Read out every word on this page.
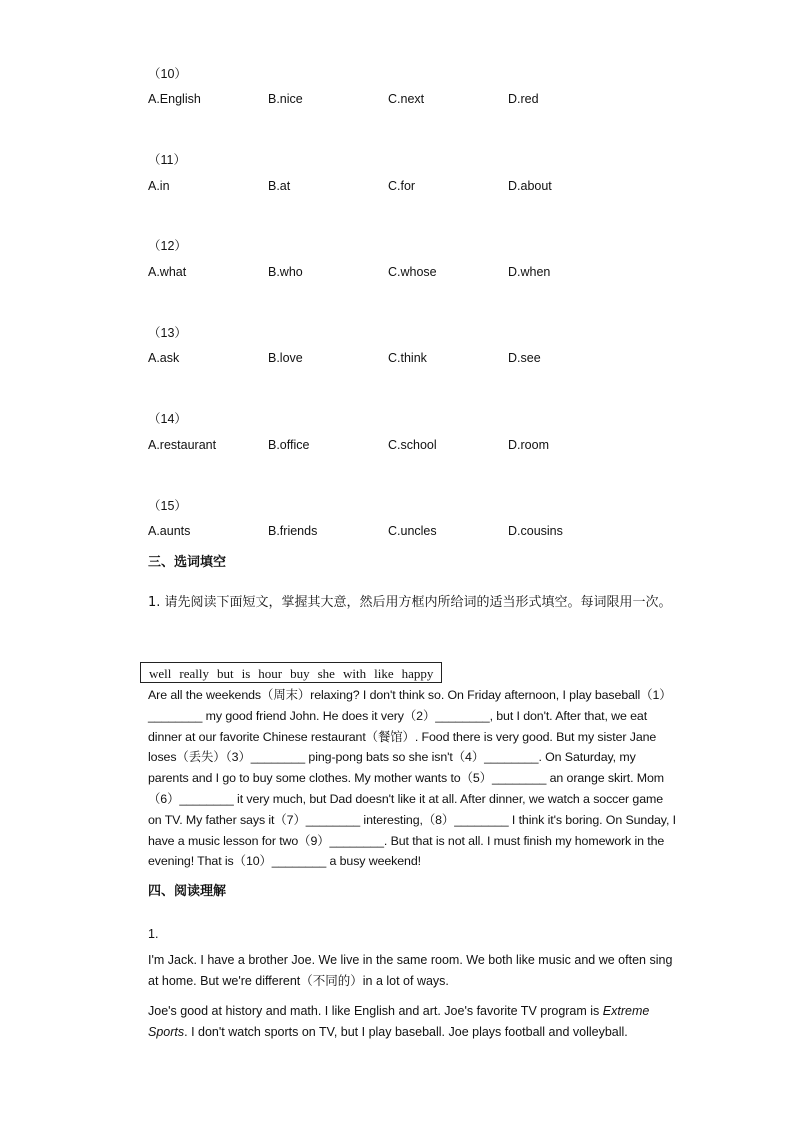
（10）
A.English	B.nice	C.next	D.red
（11）
A.in	B.at	C.for	D.about
（12）
A.what	B.who	C.whose	D.when
（13）
A.ask	B.love	C.think	D.see
（14）
A.restaurant	B.office	C.school	D.room
（15）
A.aunts	B.friends	C.uncles	D.cousins
三、选词填空
1. 请先阅读下面短文，掌握其大意，然后用方框内所给词的适当形式填空。每词限用一次。
well really but is hour buy she with like happy
Are all the weekends（周末）relaxing? I don't think so. On Friday afternoon, I play baseball（1）________ my good friend John. He does it very（2）________, but I don't. After that, we eat dinner at our favorite Chinese restaurant（餐馆）. Food there is very good. But my sister Jane loses（丢失）（3）________ ping-pong bats so she isn't（4）________. On Saturday, my parents and I go to buy some clothes. My mother wants to（5）________ an orange skirt. Mom（6）________ it very much, but Dad doesn't like it at all. After dinner, we watch a soccer game on TV. My father says it（7）________ interesting,（8）________ I think it's boring. On Sunday, I have a music lesson for two（9）________. But that is not all. I must finish my homework in the evening! That is（10）________ a busy weekend!
四、阅读理解
1.

I'm Jack. I have a brother Joe. We live in the same room. We both like music and we often sing at home. But we're different（不同的）in a lot of ways.

Joe's good at history and math. I like English and art. Joe's favorite TV program is Extreme Sports. I don't watch sports on TV, but I play baseball. Joe plays football and volleyball.
